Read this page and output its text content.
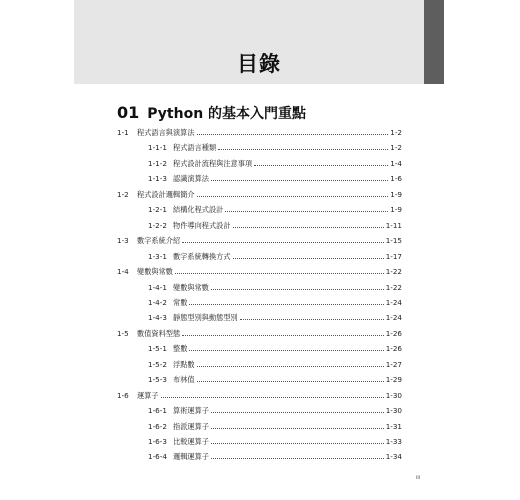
目錄
01 Python 的基本入門重點
1-1	程式語言與演算法	1-2
1-1-1 程式語言種類	1-2
1-1-2 程式設計流程與注意事項	1-4
1-1-3 認識演算法	1-6
1-2	程式設計邏輯簡介	1-9
1-2-1 結構化程式設計	1-9
1-2-2 物件導向程式設計	1-11
1-3	數字系統介紹	1-15
1-3-1 數字系統轉換方式	1-17
1-4	變數與常數	1-22
1-4-1 變數與常數	1-22
1-4-2 常數	1-24
1-4-3 靜態型別與動態型別	1-24
1-5	數值資料型態	1-26
1-5-1 整數	1-26
1-5-2 浮點數	1-27
1-5-3 布林值	1-29
1-6	運算子	1-30
1-6-1 算術運算子	1-30
1-6-2 指派運算子	1-31
1-6-3 比較運算子	1-33
1-6-4 邏輯運算子	1-34
iii
